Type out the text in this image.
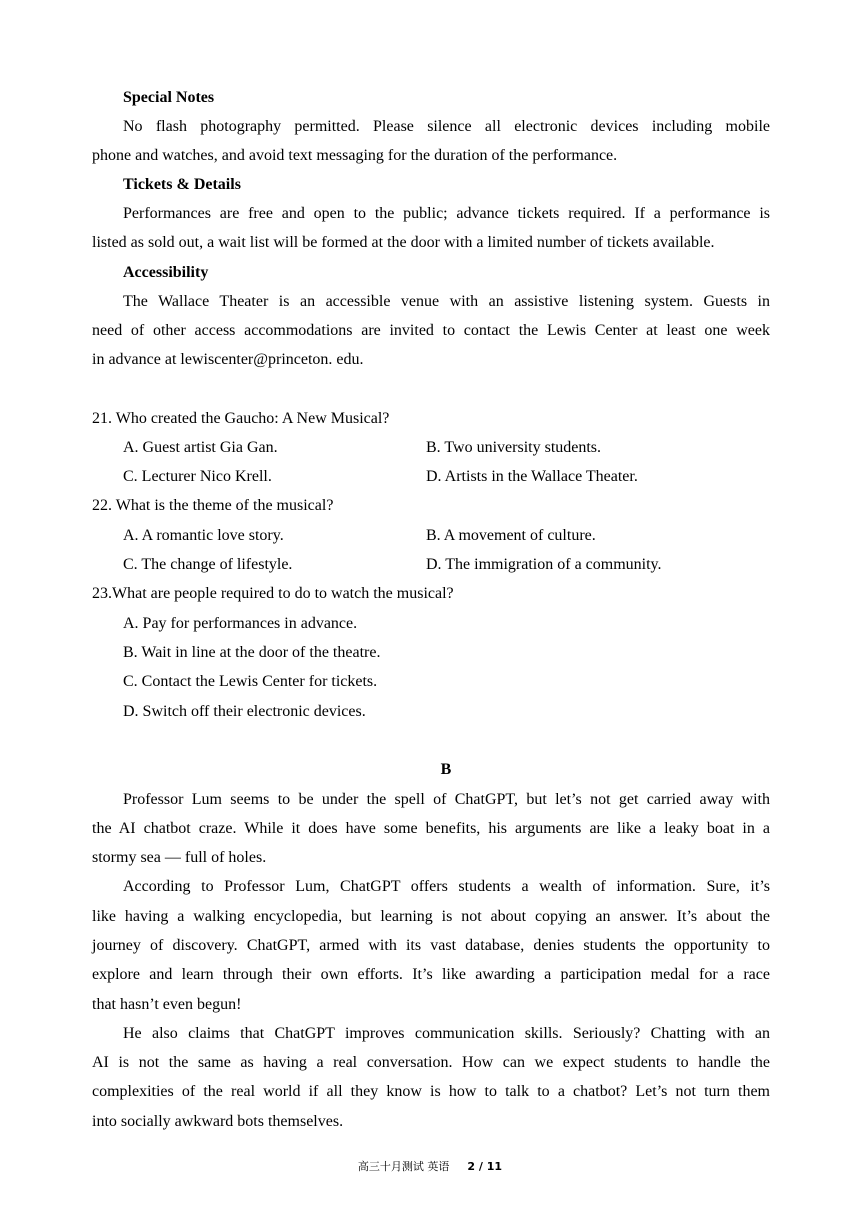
Special Notes
No flash photography permitted. Please silence all electronic devices including mobile
phone and watches, and avoid text messaging for the duration of the performance.
Tickets & Details
Performances are free and open to the public; advance tickets required. If a performance is
listed as sold out, a wait list will be formed at the door with a limited number of tickets available.
Accessibility
The Wallace Theater is an accessible venue with an assistive listening system. Guests in
need of other access accommodations are invited to contact the Lewis Center at least one week
in advance at lewiscenter@princeton. edu.
21. Who created the Gaucho: A New Musical?
A. Guest artist Gia Gan.	B. Two university students.
C. Lecturer Nico Krell.	D. Artists in the Wallace Theater.
22. What is the theme of the musical?
A. A romantic love story.	B. A movement of culture.
C. The change of lifestyle.	D. The immigration of a community.
23.What are people required to do to watch the musical?
A. Pay for performances in advance.
B. Wait in line at the door of the theatre.
C. Contact the Lewis Center for tickets.
D. Switch off their electronic devices.
B
Professor Lum seems to be under the spell of ChatGPT, but let’s not get carried away with
the AI chatbot craze. While it does have some benefits, his arguments are like a leaky boat in a
stormy sea — full of holes.
According to Professor Lum, ChatGPT offers students a wealth of information. Sure, it’s
like having a walking encyclopedia, but learning is not about copying an answer. It’s about the
journey of discovery. ChatGPT, armed with its vast database, denies students the opportunity to
explore and learn through their own efforts. It’s like awarding a participation medal for a race
that hasn’t even begun!
He also claims that ChatGPT improves communication skills. Seriously? Chatting with an
AI is not the same as having a real conversation. How can we expect students to handle the
complexities of the real world if all they know is how to talk to a chatbot? Let’s not turn them
into socially awkward bots themselves.
高三十月测试 英语 2 / 11
